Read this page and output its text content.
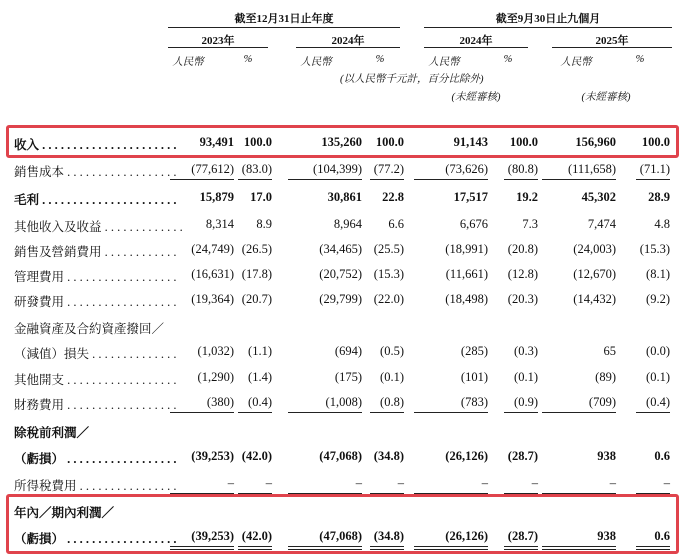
截至12月31日止年度	截至9月30日止九個月
2023年	2024年	2024年	2025年
人民幣	%	人民幣	%	人民幣	%	人民幣	%
(以人民幣千元計，百分比除外)
(未經審核)	(未經審核)
收入 . . . . . . . . . . . . . . . . . . . . . .	93,491 100.0	135,260	100.0	91,143	100.0	156,960	100.0
銷售成本 . . . . . . . . . . . . . . . . . .	(77,612) (83.0)	(104,399) (77.2)	(73,626)	(80.8)	(111,658)	(71.1)
毛利 . . . . . . . . . . . . . . . . . . . . . .	15,879	17.0	30,861	22.8	17,517	19.2	45,302	28.9
其他收入及收益 . . . . . . . . . . . . .	8,314	8.9	8,964	6.6	6,676	7.3	7,474	4.8
銷售及營銷費用 . . . . . . . . . . . .	(24,749) (26.5)	(34,465) (25.5)	(18,991)	(20.8)	(24,003)	(15.3)
管理費用 . . . . . . . . . . . . . . . . . .	(16,631) (17.8)	(20,752) (15.3)	(11,661)	(12.8)	(12,670)	(8.1)
研發費用 . . . . . . . . . . . . . . . . . .	(19,364) (20.7)	(29,799) (22.0)	(18,498)	(20.3)	(14,432)	(9.2)
金融資產及合約資產撥回／
（減值）損失 . . . . . . . . . . . . . .	(1,032)	(1.1)	(694)	(0.5)	(285)	(0.3)	65	(0.0)
其他開支 . . . . . . . . . . . . . . . . . .	(1,290)	(1.4)	(175)	(0.1)	(101)	(0.1)	(89)	(0.1)
財務費用 . . . . . . . . . . . . . . . . . .	(380)	(0.4)	(1,008)	(0.8)	(783)	(0.9)	(709)	(0.4)
除稅前利潤／
（虧損） . . . . . . . . . . . . . . . . . .	(39,253) (42.0)	(47,068) (34.8)	(26,126)	(28.7)	938	0.6
所得稅費用 . . . . . . . . . . . . . . . .	–	–	–	–	–	–	–	–
年內／期內利潤／
（虧損） . . . . . . . . . . . . . . . . . .	(39,253) (42.0)	(47,068) (34.8)	(26,126)	(28.7)	938	0.6
